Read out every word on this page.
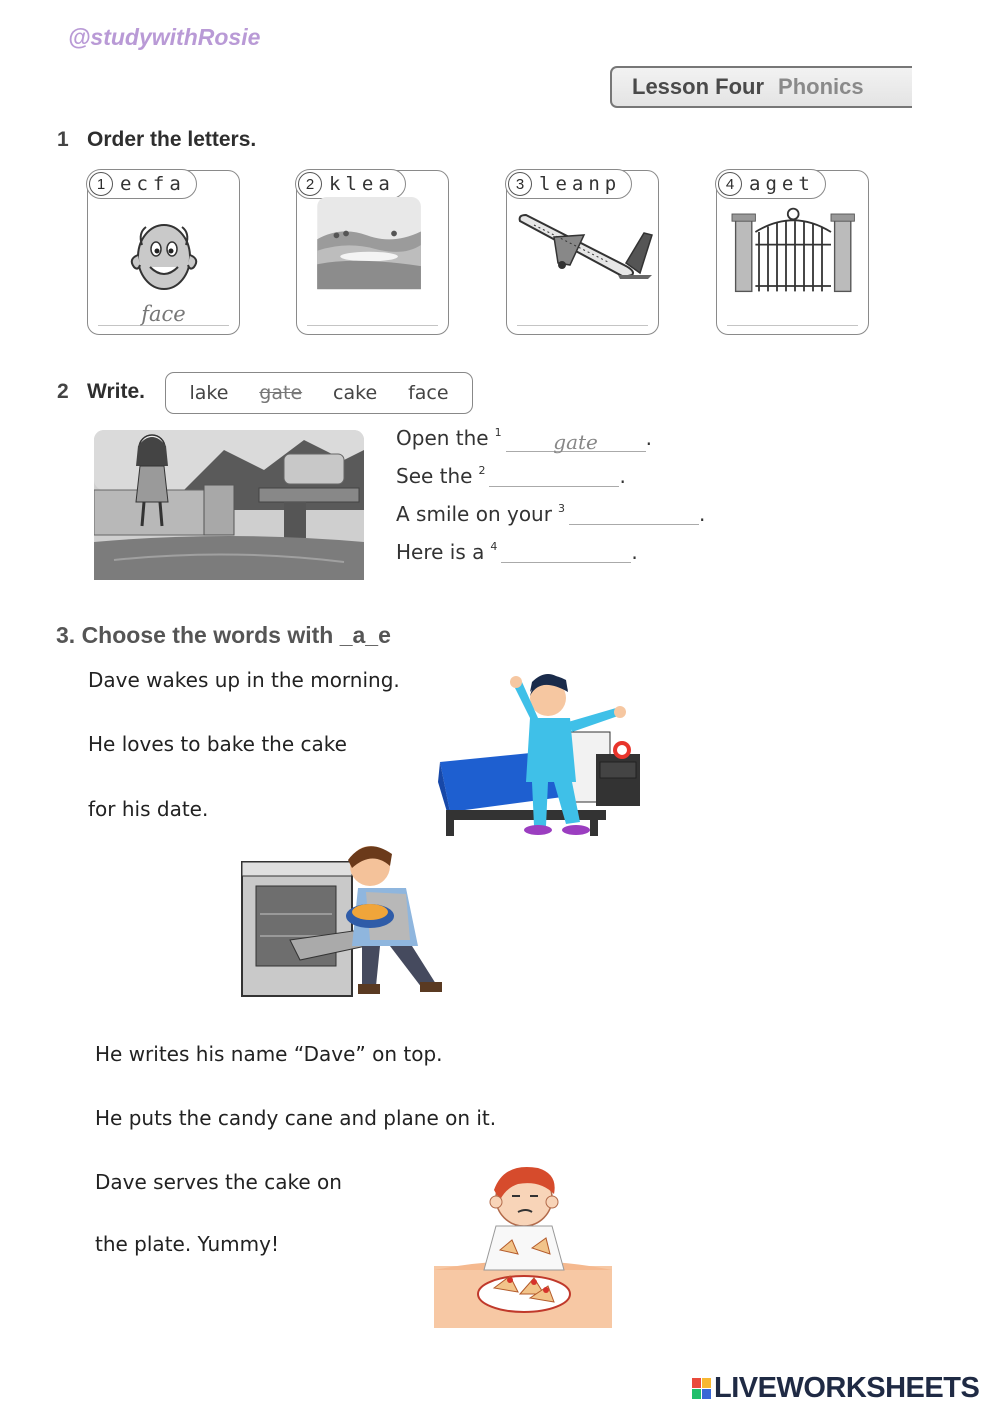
@studywithRosie
Lesson Four Phonics
1 Order the letters.
1 ecfa
face
2 klea	3 leanp	4 aget
2 Write. lake gate cake face
Open the $^1$	gate .
See the $^2$	.
A smile on your $^3$	.
Here is a $^4$	.
3. Choose the words with _a_e
Dave wakes up in the morning.
He loves to bake the cake
for his date.
He writes his name “Dave” on top.
He puts the candy cane and plane on it.
Dave serves the cake on
the plate. Yummy!
LIVEWORKSHEETS
